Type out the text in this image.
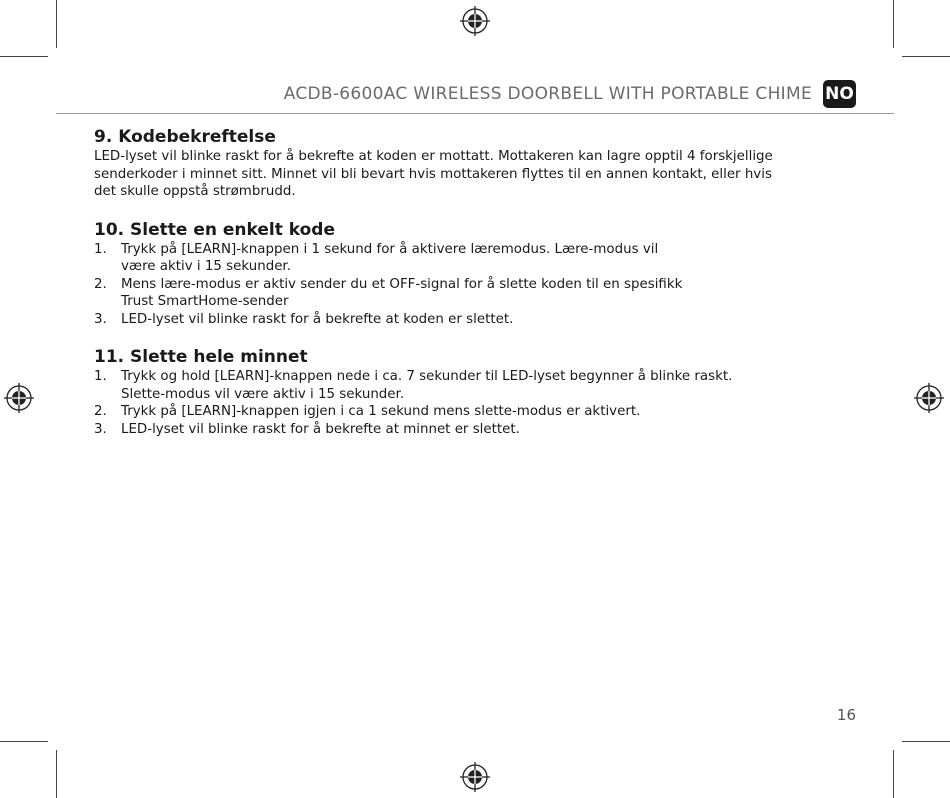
ACDB-6600AC WIRELESS DOORBELL WITH PORTABLE CHIME NO
9. Kodebekreftelse

LED-lyset vil blinke raskt for å bekrefte at koden er mottatt. Mottakeren kan lagre opptil 4 forskjellige
senderkoder i minnet sitt. Minnet vil bli bevart hvis mottakeren flyttes til en annen kontakt, eller hvis
det skulle oppstå strømbrudd.

10. Slette en enkelt kode
1. Trykk på [LEARN]-knappen i 1 sekund for å aktivere læremodus. Lære-modus vil
være aktiv i 15 sekunder.
2. Mens lære-modus er aktiv sender du et OFF-signal for å slette koden til en spesifikk
Trust SmartHome-sender
3. LED-lyset vil blinke raskt for å bekrefte at koden er slettet.
11. Slette hele minnet
1. Trykk og hold [LEARN]-knappen nede i ca. 7 sekunder til LED-lyset begynner å blinke raskt.
Slette-modus vil være aktiv i 15 sekunder.
2. Trykk på [LEARN]-knappen igjen i ca 1 sekund mens slette-modus er aktivert.
3. LED-lyset vil blinke raskt for å bekrefte at minnet er slettet.
16
